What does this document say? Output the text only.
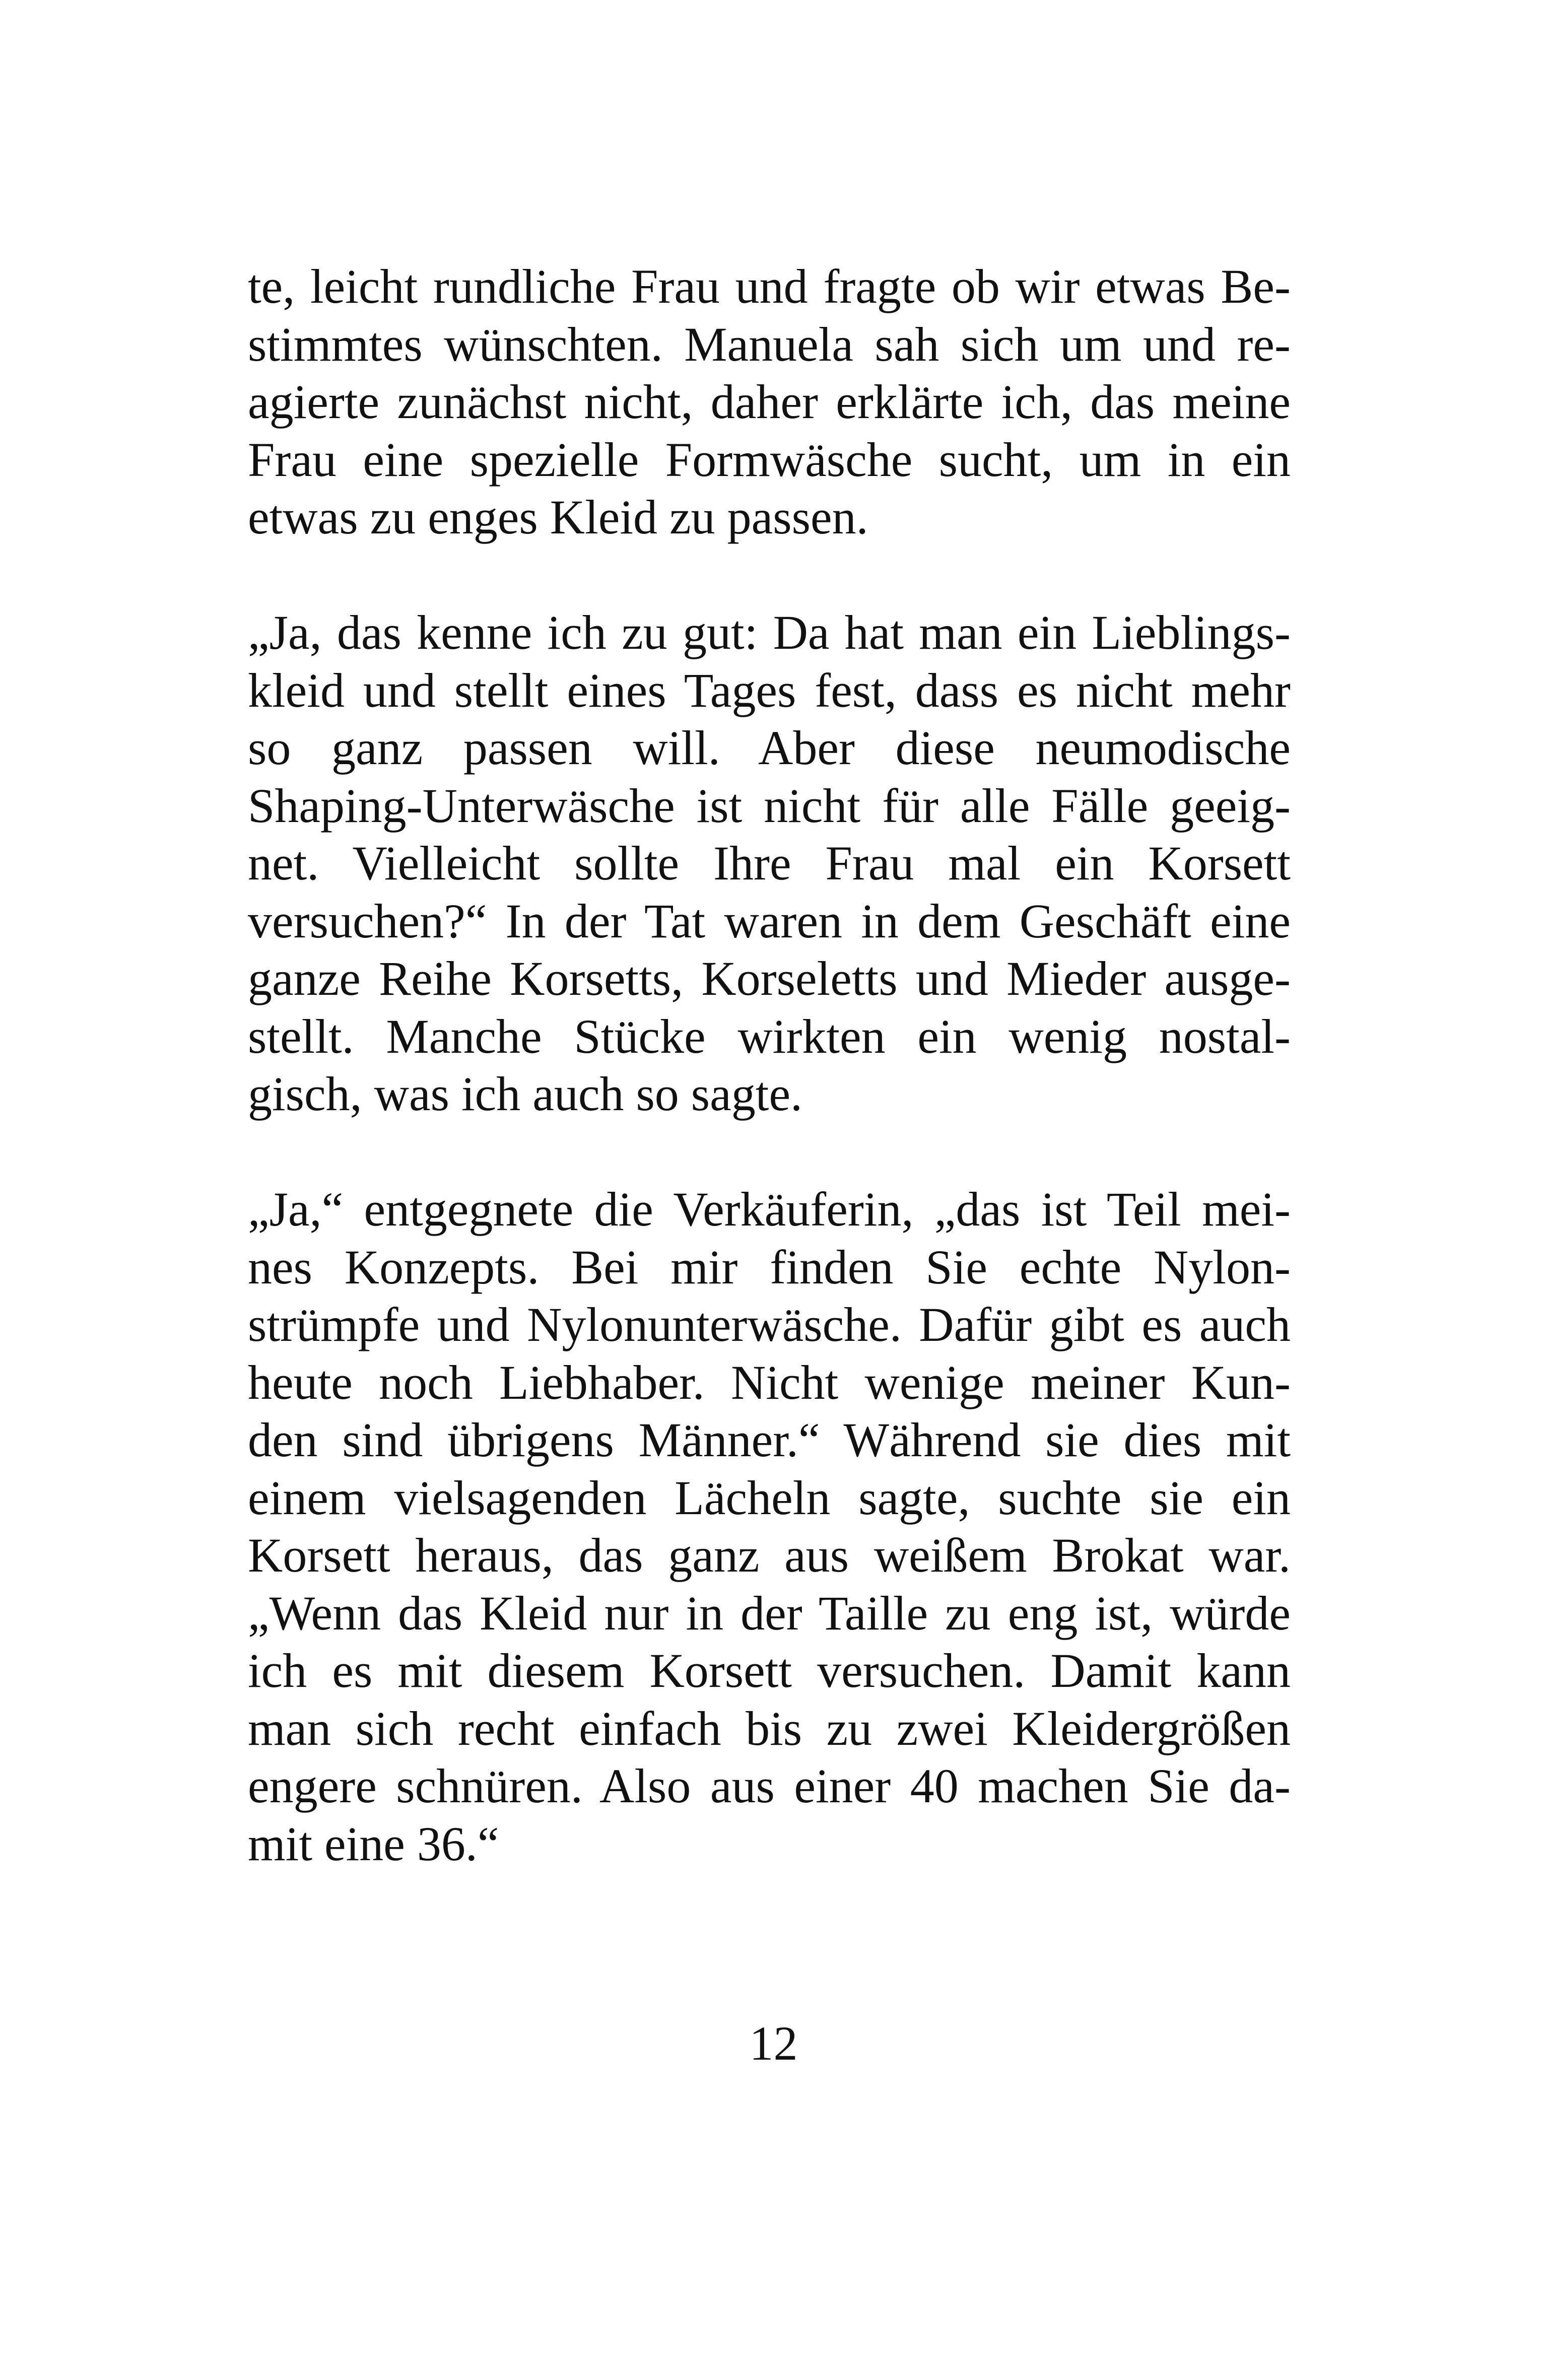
te, leicht rundliche Frau und fragte ob wir etwas Be-
stimmtes wünschten. Manuela sah sich um und re-
agierte zunächst nicht, daher erklärte ich, das meine
Frau eine spezielle Formwäsche sucht, um in ein
etwas zu enges Kleid zu passen.

„Ja, das kenne ich zu gut: Da hat man ein Lieblings-
kleid und stellt eines Tages fest, dass es nicht mehr
so ganz passen will. Aber diese neumodische
Shaping-Unterwäsche ist nicht für alle Fälle geeig-
net. Vielleicht sollte Ihre Frau mal ein Korsett
versuchen?“ In der Tat waren in dem Geschäft eine
ganze Reihe Korsetts, Korseletts und Mieder ausge-
stellt. Manche Stücke wirkten ein wenig nostal-
gisch, was ich auch so sagte.

„Ja,“ entgegnete die Verkäuferin, „das ist Teil mei-
nes Konzepts. Bei mir finden Sie echte Nylon-
strümpfe und Nylonunterwäsche. Dafür gibt es auch
heute noch Liebhaber. Nicht wenige meiner Kun-
den sind übrigens Männer.“ Während sie dies mit
einem vielsagenden Lächeln sagte, suchte sie ein
Korsett heraus, das ganz aus weißem Brokat war.
„Wenn das Kleid nur in der Taille zu eng ist, würde
ich es mit diesem Korsett versuchen. Damit kann
man sich recht einfach bis zu zwei Kleidergrößen
engere schnüren. Also aus einer 40 machen Sie da-
mit eine 36.“

12
